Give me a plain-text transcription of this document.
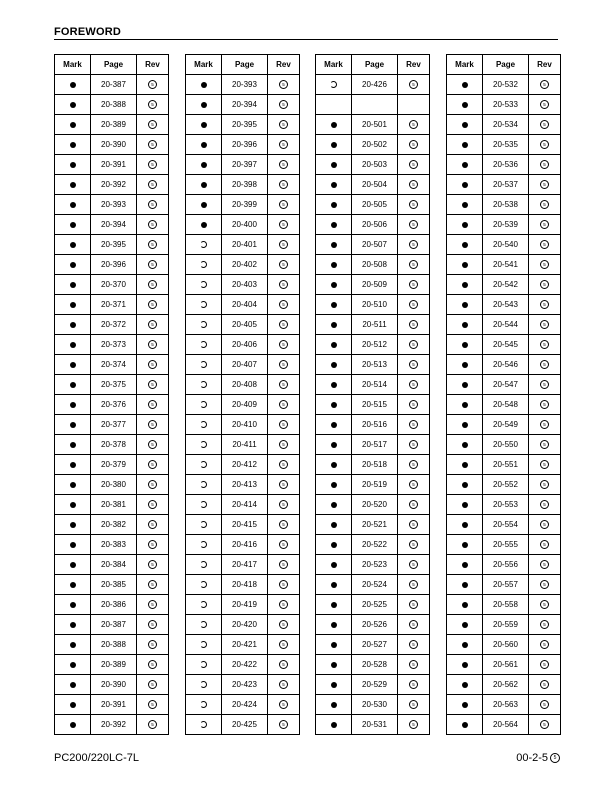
FOREWORD
Mark	Page	Rev
	20-387	5
	20-388	5
	20-389	5
	20-390	5
	20-391	5
	20-392	5
	20-393	5
	20-394	5
	20-395	5
	20-396	5
	20-370	5
	20-371	5
	20-372	5
	20-373	5
	20-374	5
	20-375	5
	20-376	5
	20-377	5
	20-378	5
	20-379	5
	20-380	5
	20-381	5
	20-382	5
	20-383	5
	20-384	5
	20-385	5
	20-386	5
	20-387	5
	20-388	5
	20-389	5
	20-390	5
	20-391	5
	20-392	5
Mark	Page	Rev
	20-393	5
	20-394	5
	20-395	5
	20-396	5
	20-397	5
	20-398	5
	20-399	5
	20-400	5
	20-401	5
	20-402	5
	20-403	5
	20-404	5
	20-405	5
	20-406	5
	20-407	5
	20-408	5
	20-409	5
	20-410	5
	20-411	5
	20-412	5
	20-413	5
	20-414	5
	20-415	5
	20-416	5
	20-417	5
	20-418	5
	20-419	5
	20-420	5
	20-421	5
	20-422	5
	20-423	5
	20-424	5
	20-425	5
Mark	Page	Rev
	20-426	5

	20-501	5
	20-502	5
	20-503	5
	20-504	5
	20-505	5
	20-506	5
	20-507	5
	20-508	5
	20-509	5
	20-510	5
	20-511	5
	20-512	5
	20-513	5
	20-514	5
	20-515	5
	20-516	5
	20-517	5
	20-518	5
	20-519	5
	20-520	5
	20-521	5
	20-522	5
	20-523	5
	20-524	5
	20-525	5
	20-526	5
	20-527	5
	20-528	5
	20-529	5
	20-530	5
	20-531	5
Mark	Page	Rev
	20-532	5
	20-533	5
	20-534	5
	20-535	5
	20-536	5
	20-537	5
	20-538	5
	20-539	5
	20-540	5
	20-541	5
	20-542	5
	20-543	5
	20-544	5
	20-545	5
	20-546	5
	20-547	5
	20-548	5
	20-549	5
	20-550	5
	20-551	5
	20-552	5
	20-553	5
	20-554	5
	20-555	5
	20-556	5
	20-557	5
	20-558	5
	20-559	5
	20-560	5
	20-561	5
	20-562	5
	20-563	5
	20-564	5
PC200/220LC-7L	00-2-5 5
